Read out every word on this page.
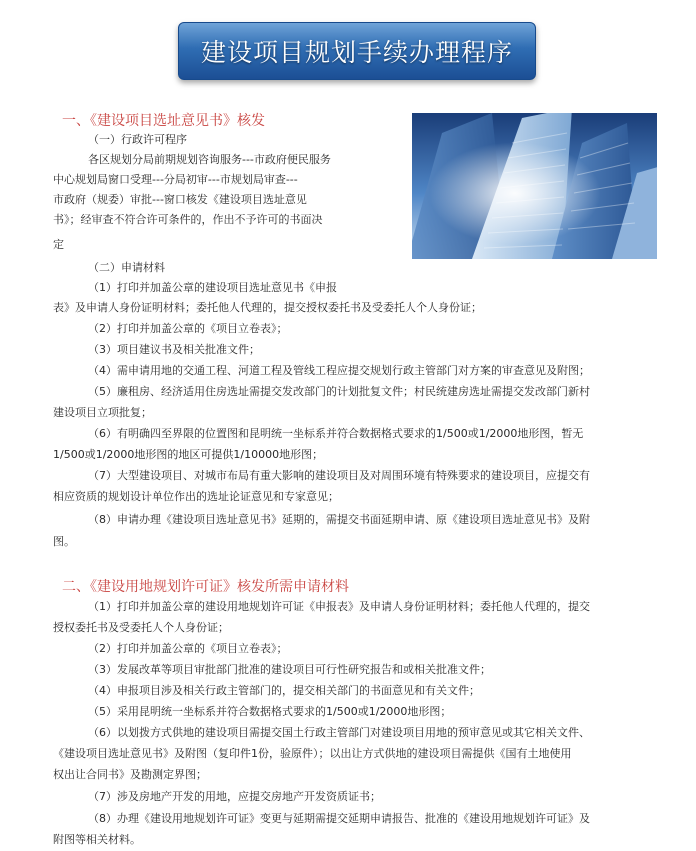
建设项目规划手续办理程序
一、《建设项目选址意见书》核发
（一）行政许可程序
各区规划分局前期规划咨询服务---市政府便民服务
中心规划局窗口受理---分局初审---市规划局审查---
市政府（规委）审批---窗口核发《建设项目选址意见
书》；经审查不符合许可条件的，作出不予许可的书面决
定
（二）申请材料
（1）打印并加盖公章的建设项目选址意见书《申报
表》及申请人身份证明材料；委托他人代理的，提交授权委托书及受委托人个人身份证；
（2）打印并加盖公章的《项目立卷表》；
（3）项目建议书及相关批准文件；
（4）需申请用地的交通工程、河道工程及管线工程应提交规划行政主管部门对方案的审查意见及附图；
（5）廉租房、经济适用住房选址需提交发改部门的计划批复文件；村民统建房选址需提交发改部门新村
建设项目立项批复；
（6）有明确四至界限的位置图和昆明统一坐标系并符合数据格式要求的1/500或1/2000地形图，暂无
1/500或1/2000地形图的地区可提供1/10000地形图；
（7）大型建设项目、对城市布局有重大影响的建设项目及对周围环境有特殊要求的建设项目，应提交有
相应资质的规划设计单位作出的选址论证意见和专家意见；
（8）申请办理《建设项目选址意见书》延期的，需提交书面延期申请、原《建设项目选址意见书》及附
图。
二、《建设用地规划许可证》核发所需申请材料
（1）打印并加盖公章的建设用地规划许可证《申报表》及申请人身份证明材料；委托他人代理的，提交
授权委托书及受委托人个人身份证；
（2）打印并加盖公章的《项目立卷表》；
（3）发展改革等项目审批部门批准的建设项目可行性研究报告和或相关批准文件；
（4）申报项目涉及相关行政主管部门的，提交相关部门的书面意见和有关文件；
（5）采用昆明统一坐标系并符合数据格式要求的1/500或1/2000地形图；
（6）以划拨方式供地的建设项目需提交国土行政主管部门对建设项目用地的预审意见或其它相关文件、
《建设项目选址意见书》及附图（复印件1份，验原件）；以出让方式供地的建设项目需提供《国有土地使用
权出让合同书》及勘测定界图；
（7）涉及房地产开发的用地，应提交房地产开发资质证书；
（8）办理《建设用地规划许可证》变更与延期需提交延期申请报告、批准的《建设用地规划许可证》及
附图等相关材料。
